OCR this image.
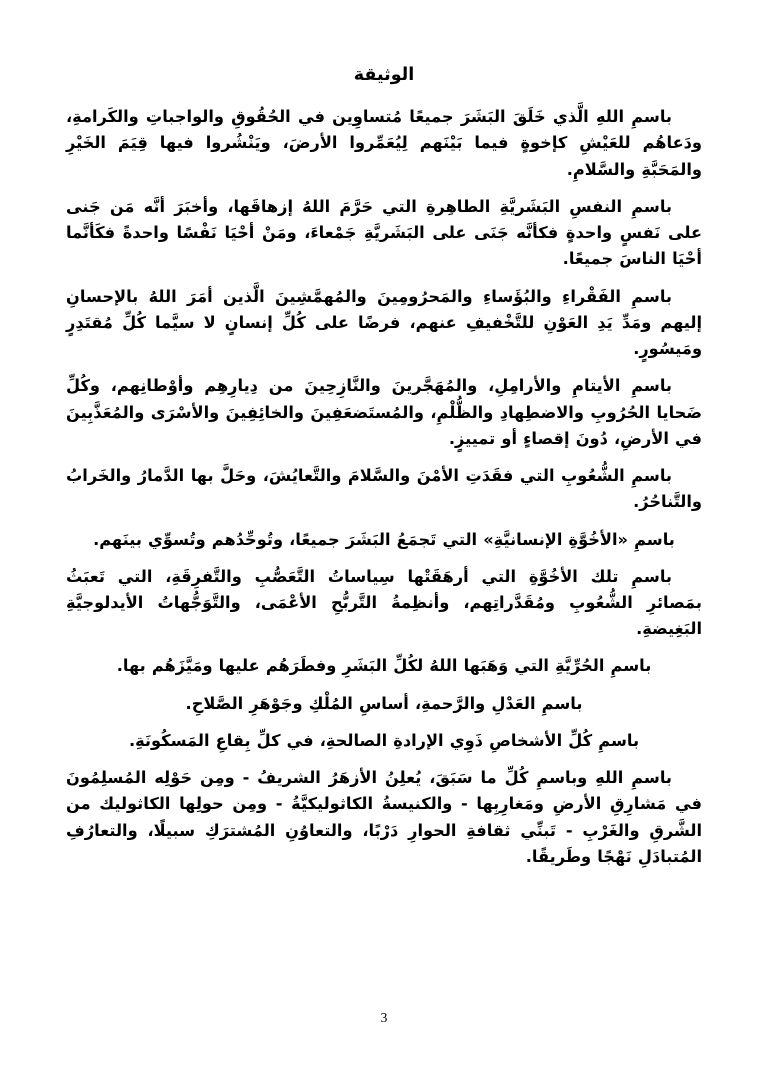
الوثيقة

باسمِ اللهِ الَّذي خَلَقَ البَشَرَ جميعًا مُتساوِين في الحُقُوقِ والواجباتِ والكَرامةِ، ودَعاهُم للعَيْشِ كإخوةٍ فيما بَيْنَهم لِيُعَمِّروا الأرضَ، ويَنْشُروا فيها قِيَمَ الخَيْرِ والمَحَبَّةِ والسَّلامِ.

باسمِ النفسِ البَشَريَّةِ الطاهِرةِ التي حَرَّمَ اللهُ إزهاقَها، وأخبَرَ أنَّه مَن جَنى على نَفسٍ واحدةٍ فكأنَّه جَنَى على البَشَريَّةِ جَمْعاءَ، ومَنْ أحْيَا نَفْسًا واحدةً فكَأنَّما أحْيَا الناسَ جميعًا.

باسمِ الفَقْراءِ والبُؤَساءِ والمَحرُومِينَ والمُهمَّشِينَ الَّذين أمَرَ اللهُ بالإحسانِ إليهم ومَدِّ يَدِ العَوْنِ للتَّخْفيفِ عنهم، فرضًا على كُلِّ إنسانٍ لا سيَّما كُلِّ مُقتَدِرٍ ومَيسُورٍ.

باسمِ الأيتامِ والأرامِلِ، والمُهَجَّرينَ والنَّازِحِينَ من دِيارِهِم وأوْطانِهم، وكُلِّ ضَحايا الحُرُوبِ والاضطِهادِ والظُّلْمِ، والمُستَضعَفِينَ والخائِفِينَ والأسْرَى والمُعَذَّبِينَ في الأرضِ، دُونَ إقصاءٍ أو تمييزٍ.

باسمِ الشُّعُوبِ التي فقَدَتِ الأمْنَ والسَّلامَ والتَّعايُشَ، وحَلَّ بها الدَّمارُ والخَرابُ والتَّناحُرُ.

باسمِ «الأخُوَّةِ الإنسانيَّةِ» التي تَجمَعُ البَشَرَ جميعًا، وتُوحِّدُهم وتُسوِّي بينَهم.

باسمِ تلك الأخُوَّةِ التي أرهَقَتْها سِياساتُ التَّعَصُّبِ والتَّفرِقَةِ، التي تَعبَثُ بمَصائرِ الشُّعُوبِ ومُقَدَّراتِهم، وأنظِمةُ التَّربُّحِ الأعْمَى، والتَّوَجُّهاتُ الأيدلوجيَّةِ البَغِيضةِ.

باسمِ الحُرِّيَّةِ التي وَهَبَها اللهُ لكُلِّ البَشَرِ وفطَرَهُم عليها ومَيَّزَهُم بها.

باسمِ العَدْلِ والرَّحمةِ، أساسِ المُلْكِ وجَوْهَرِ الصَّلاحِ.

باسمِ كُلِّ الأشخاصِ ذَوِي الإرادةِ الصالحةِ، في كلِّ بِقاعِ المَسكُونَةِ.

باسمِ اللهِ وباسمِ كُلِّ ما سَبَقَ، يُعلِنُ الأزهَرُ الشريفُ - ومِن حَوْلِه المُسلِمُونَ في مَشارِقِ الأرضِ ومَغارِبِها - والكنيسةُ الكاثوليكيَّةُ - ومِن حولِها الكاثوليك من الشَّرقِ والغَرْبِ - تَبنِّي ثقافةِ الحوارِ دَرْبًا، والتعاوُنِ المُشترَكِ سبيلًا، والتعارُفِ المُتبادَلِ نَهْجًا وطَريقًا.

3
